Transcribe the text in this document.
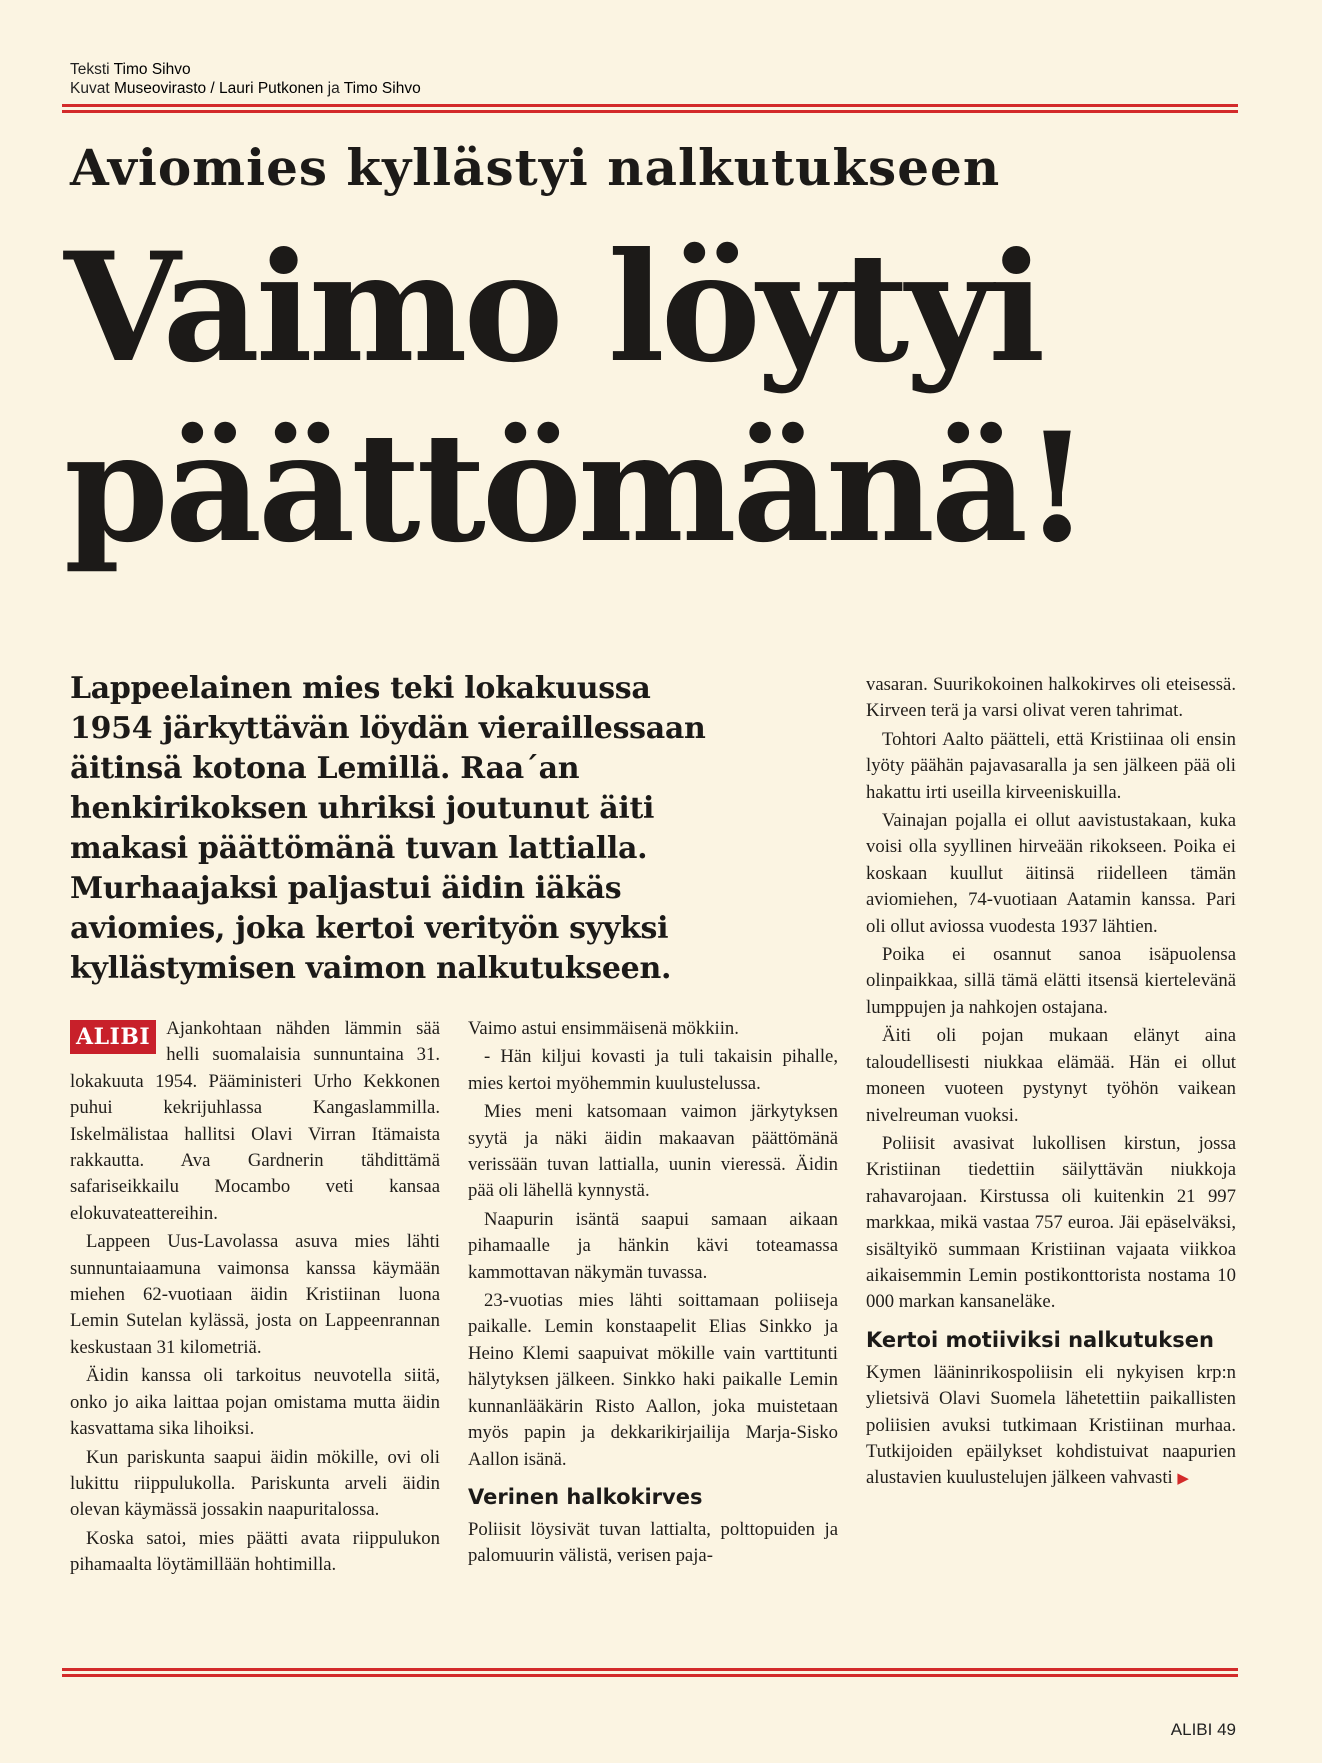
Teksti Timo Sihvo
Kuvat Museovirasto / Lauri Putkonen ja Timo Sihvo
Aviomies kyllästyi nalkutukseen
Vaimo löytyi
päättömänä!
Lappeelainen mies teki lokakuussa
1954 järkyttävän löydän vieraillessaan
äitinsä kotona Lemillä. Raa´an
henkirikoksen uhriksi joutunut äiti
makasi päättömänä tuvan lattialla.
Murhaajaksi paljastui äidin iäkäs
aviomies, joka kertoi verityön syyksi
kyllästymisen vaimon nalkutukseen.

ALIBI Ajankohtaan nähden lämmin sää helli suomalaisia sunnuntaina 31. lokakuuta 1954. Pääministeri Urho Kekkonen puhui kekrijuhlassa Kangaslammilla. Iskelmälistaa hallitsi Olavi Virran Itämaista rakkautta. Ava Gardnerin tähdittämä safariseikkailu Mocambo veti kansaa elokuvateattereihin.

Lappeen Uus-Lavolassa asuva mies lähti sunnuntaiaamuna vaimonsa kanssa käymään miehen 62-vuotiaan äidin Kristiinan luona Lemin Sutelan kylässä, josta on Lappeenrannan keskustaan 31 kilometriä.

Äidin kanssa oli tarkoitus neuvotella siitä, onko jo aika laittaa pojan omistama mutta äidin kasvattama sika lihoiksi.

Kun pariskunta saapui äidin mökille, ovi oli lukittu riippulukolla. Pariskunta arveli äidin olevan käymässä jossakin naapuritalossa.

Koska satoi, mies päätti avata riippulukon pihamaalta löytämillään hohtimilla.

Vaimo astui ensimmäisenä mökkiin.

- Hän kiljui kovasti ja tuli takaisin pihalle, mies kertoi myöhemmin kuulustelussa.

Mies meni katsomaan vaimon järkytyksen syytä ja näki äidin makaavan päättömänä verissään tuvan lattialla, uunin vieressä. Äidin pää oli lähellä kynnystä.

Naapurin isäntä saapui samaan aikaan pihamaalle ja hänkin kävi toteamassa kammottavan näkymän tuvassa.

23-vuotias mies lähti soittamaan poliiseja paikalle. Lemin konstaapelit Elias Sinkko ja Heino Klemi saapuivat mökille vain varttitunti hälytyksen jälkeen. Sinkko haki paikalle Lemin kunnanlääkärin Risto Aallon, joka muistetaan myös papin ja dekkarikirjailija Marja-Sisko Aallon isänä.

Verinen halkokirves

Poliisit löysivät tuvan lattialta, polttopuiden ja palomuurin välistä, verisen paja-

vasaran. Suurikokoinen halkokirves oli eteisessä. Kirveen terä ja varsi olivat veren tahrimat.

Tohtori Aalto päätteli, että Kristiinaa oli ensin lyöty päähän pajavasaralla ja sen jälkeen pää oli hakattu irti useilla kirveeniskuilla.

Vainajan pojalla ei ollut aavistustakaan, kuka voisi olla syyllinen hirveään rikokseen. Poika ei koskaan kuullut äitinsä riidelleen tämän aviomiehen, 74-vuotiaan Aatamin kanssa. Pari oli ollut aviossa vuodesta 1937 lähtien.

Poika ei osannut sanoa isäpuolensa olinpaikkaa, sillä tämä elätti itsensä kiertelevänä lumppujen ja nahkojen ostajana.

Äiti oli pojan mukaan elänyt aina taloudellisesti niukkaa elämää. Hän ei ollut moneen vuoteen pystynyt työhön vaikean nivelreuman vuoksi.

Poliisit avasivat lukollisen kirstun, jossa Kristiinan tiedettiin säilyttävän niukkoja rahavarojaan. Kirstussa oli kuitenkin 21 997 markkaa, mikä vastaa 757 euroa. Jäi epäselväksi, sisältyikö summaan Kristiinan vajaata viikkoa aikaisemmin Lemin postikonttorista nostama 10 000 markan kansaneläke.

Kertoi motiiviksi nalkutuksen

Kymen lääninrikospoliisin eli nykyisen krp:n ylietsivä Olavi Suomela lähetettiin paikallisten poliisien avuksi tutkimaan Kristiinan murhaa. Tutkijoiden epäilykset kohdistuivat naapurien alustavien kuulustelujen jälkeen vahvasti ▶

ALIBI 49
